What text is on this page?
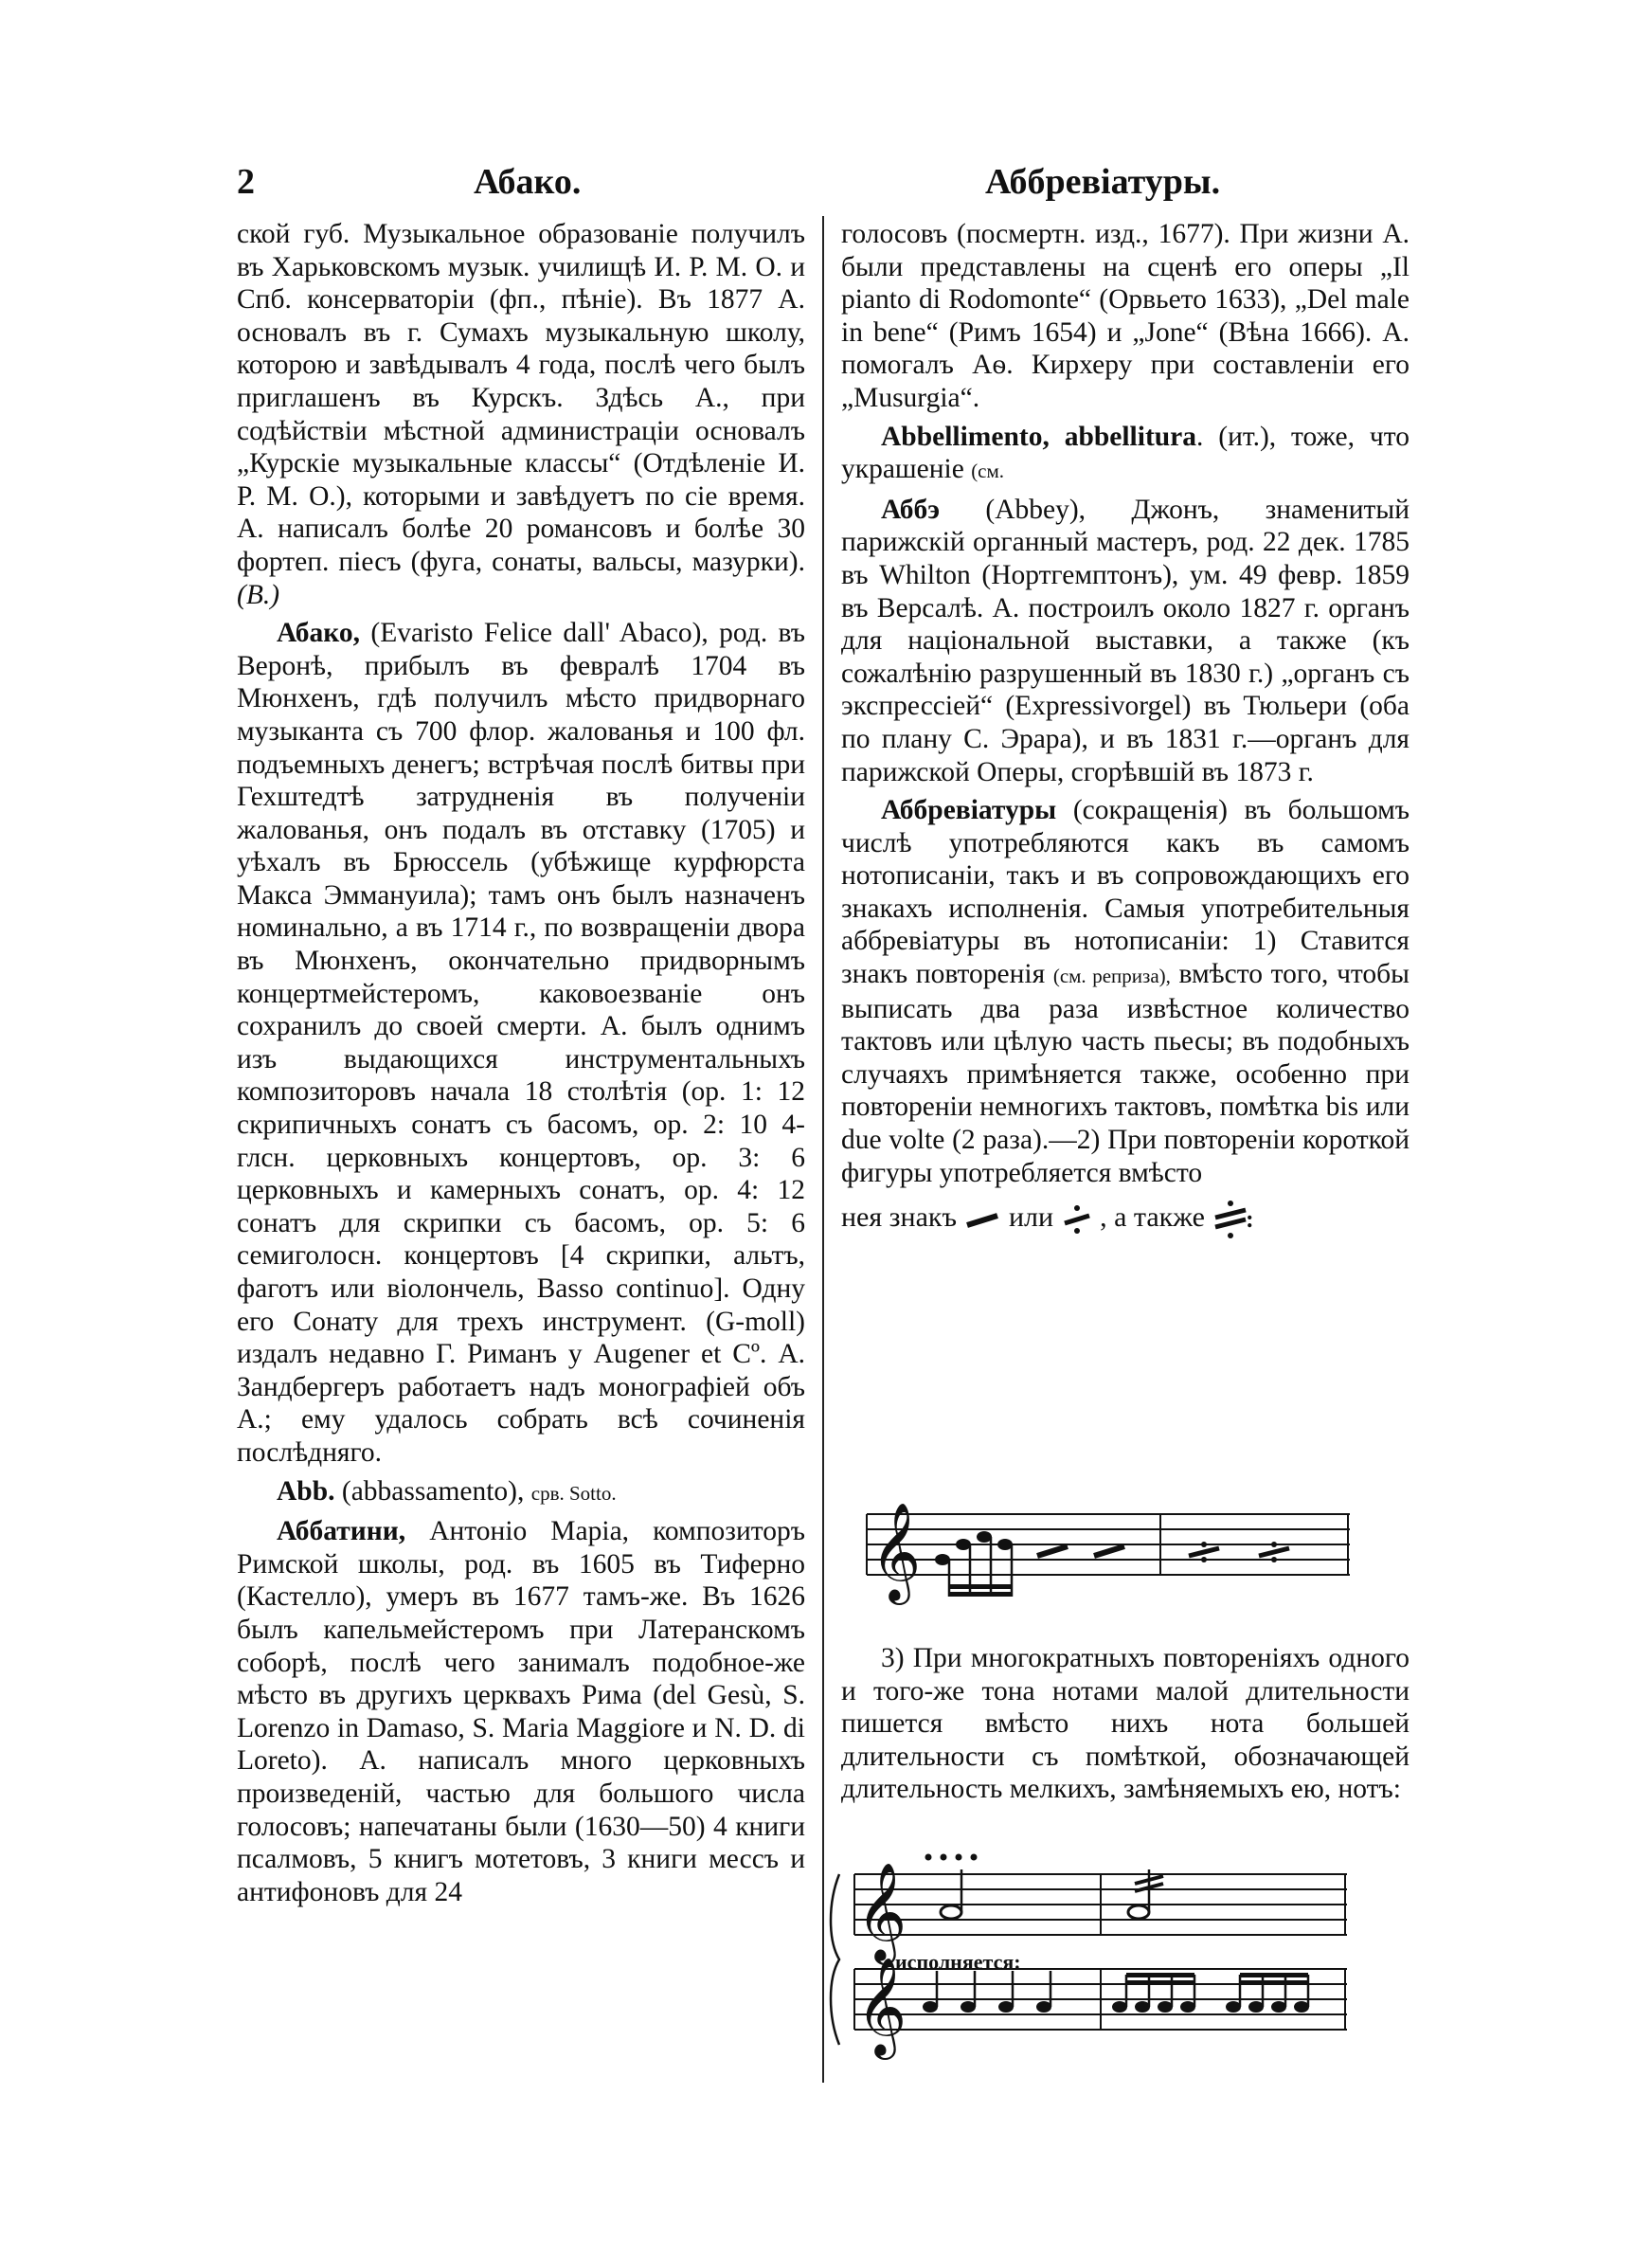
2	Абако.	Аббревiатуры.

ской губ. Музыкальное образованiе получилъ въ Харьковскомъ музык. училищѣ И. Р. М. О. и Спб. консерваторiи (фп., пѣнiе). Въ 1877 А. основалъ въ г. Сумахъ музыкальную школу, которою и завѣдывалъ 4 года, послѣ чего былъ приглашенъ въ Курскъ. Здѣсь А., при содѣйствiи мѣстной администрацiи основалъ „Курскiе музыкальные классы“ (Отдѣленiе И. Р. М. О.), которыми и завѣдуетъ по сie время. А. написалъ болѣе 20 романсовъ и болѣе 30 фортеп. пiесъ (фуга, сонаты, вальсы, мазурки). (В.)

Абако, (Evaristo Felice dall' Abaco), род. въ Веронѣ, прибылъ въ февралѣ 1704 въ Мюнхенъ, гдѣ получилъ мѣсто придворнаго музыканта съ 700 флор. жалованья и 100 фл. подъемныхъ денегъ; встрѣчая послѣ битвы при Гехштедтѣ затрудненiя въ полученiи жалованья, онъ подалъ въ отставку (1705) и уѣхалъ въ Брюссель (убѣжище курфюрста Макса Эммануила); тамъ онъ былъ назначенъ номинально, а въ 1714 г., по возвращенiи двора въ Мюнхенъ, окончательно придворнымъ концертмейстеромъ, каковоезванiе онъ сохранилъ до своей смерти. А. былъ однимъ изъ выдающихся инструментальныхъ композиторовъ начала 18 столѣтiя (ор. 1: 12 скрипичныхъ сонатъ съ басомъ, ор. 2: 10 4-глсн. церковныхъ концертовъ, ор. 3: 6 церковныхъ и камерныхъ сонатъ, ор. 4: 12 сонатъ для скрипки съ басомъ, ор. 5: 6 семиголосн. концертовъ [4 скрипки, альтъ, фаготъ или вiолончель, Basso continuo]. Одну его Сонату для трехъ инструмент. (G-moll) издалъ недавно Г. Риманъ у Augener et Cº. А. Зандбергеръ работаетъ надъ монографiей объ А.; ему удалось собрать всѣ сочиненiя послѣдняго.

Abb. (abbassamento), срв. Sotto.

Аббатини, Антонiо Марiа, композиторъ Римской школы, род. въ 1605 въ Тиферно (Кастелло), умеръ въ 1677 тамъ-же. Въ 1626 былъ капельмейстеромъ при Латеранскомъ соборѣ, послѣ чего занималъ подобное-же мѣсто въ другихъ церквахъ Рима (del Gesù, S. Lorenzo in Damaso, S. Maria Maggiore и N. D. di Loreto). А. написалъ много церковныхъ произведенiй, частью для большого числа голосовъ; напечатаны были (1630—50) 4 книги псалмовъ, 5 книгъ мотетовъ, 3 книги мессъ и антифоновъ для 24

голосовъ (посмертн. изд., 1677). При жизни А. были представлены на сценѣ его оперы „Il pianto di Rodomonte“ (Орвьето 1633), „Del male in bene“ (Римъ 1654) и „Jone“ (Вѣна 1666). А. помогалъ Аѳ. Кирхеру при составленiи его „Musurgia“.

Abbellimento, abbellitura. (ит.), тоже, что украшенiе (см.

Аббэ (Abbey), Джонъ, знаменитый парижскiй органный мастеръ, род. 22 дек. 1785 въ Whilton (Нортгемптонъ), ум. 49 февр. 1859 въ Версалѣ. А. построилъ около 1827 г. органъ для нацiональной выставки, а также (къ сожалѣнiю разрушенный въ 1830 г.) „органъ съ экспрессiей“ (Expressivorgel) въ Тюльери (оба по плану С. Эрара), и въ 1831 г.—органъ для парижской Оперы, сгорѣвшiй въ 1873 г.

Аббревiатуры (сокращенiя) въ большомъ числѣ употребляются какъ въ самомъ нотописанiи, такъ и въ сопровождающихъ его знакахъ исполненiя. Самыя употребительныя аббревiатуры въ нотописанiи: 1) Ставится знакъ повторенiя (см. реприза), вмѣсто того, чтобы выписать два раза извѣстное количество тактовъ или цѣлую часть пьесы; въ подобныхъ случаяхъ примѣняется также, особенно при повторенiи немногихъ тактовъ, помѣтка bis или due volte (2 раза).—2) При повторенiи короткой фигуры употребляется вмѣсто

нея знакъ или , а также :

𝄞

3) При многократныхъ повторенiяхъ одного и того-же тона нотами малой длительности пишется вмѣсто нихъ нота большей длительности съ помѣткой, обозначающей длительность мелкихъ, замѣняемыхъ ею, нотъ:

𝄞
𝄞
исполняется:
